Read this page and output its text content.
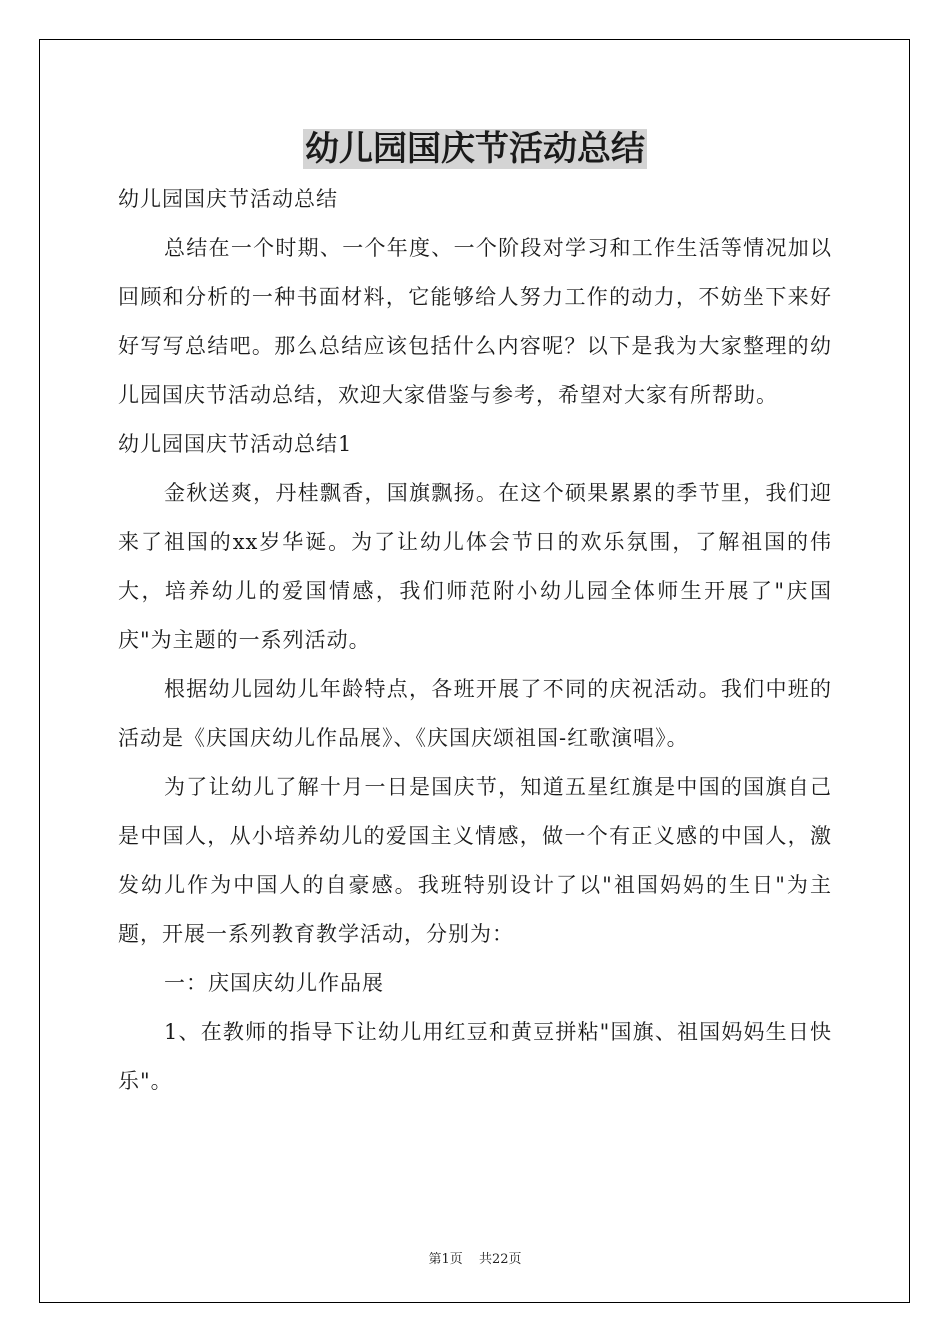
幼儿园国庆节活动总结

幼儿园国庆节活动总结

总结在一个时期、一个年度、一个阶段对学习和工作生活等情况加以回顾和分析的一种书面材料，它能够给人努力工作的动力，不妨坐下来好好写写总结吧。那么总结应该包括什么内容呢？以下是我为大家整理的幼儿园国庆节活动总结，欢迎大家借鉴与参考，希望对大家有所帮助。

幼儿园国庆节活动总结1

金秋送爽，丹桂飘香，国旗飘扬。在这个硕果累累的季节里，我们迎来了祖国的xx岁华诞。为了让幼儿体会节日的欢乐氛围，了解祖国的伟大，培养幼儿的爱国情感，我们师范附小幼儿园全体师生开展了"庆国庆"为主题的一系列活动。

根据幼儿园幼儿年龄特点，各班开展了不同的庆祝活动。我们中班的活动是《庆国庆幼儿作品展》、《庆国庆颂祖国-红歌演唱》。

为了让幼儿了解十月一日是国庆节，知道五星红旗是中国的国旗自己是中国人，从小培养幼儿的爱国主义情感，做一个有正义感的中国人，激发幼儿作为中国人的自豪感。我班特别设计了以"祖国妈妈的生日"为主题，开展一系列教育教学活动，分别为：

一：庆国庆幼儿作品展

1、在教师的指导下让幼儿用红豆和黄豆拼粘"国旗、祖国妈妈生日快乐"。

第1页 共22页
